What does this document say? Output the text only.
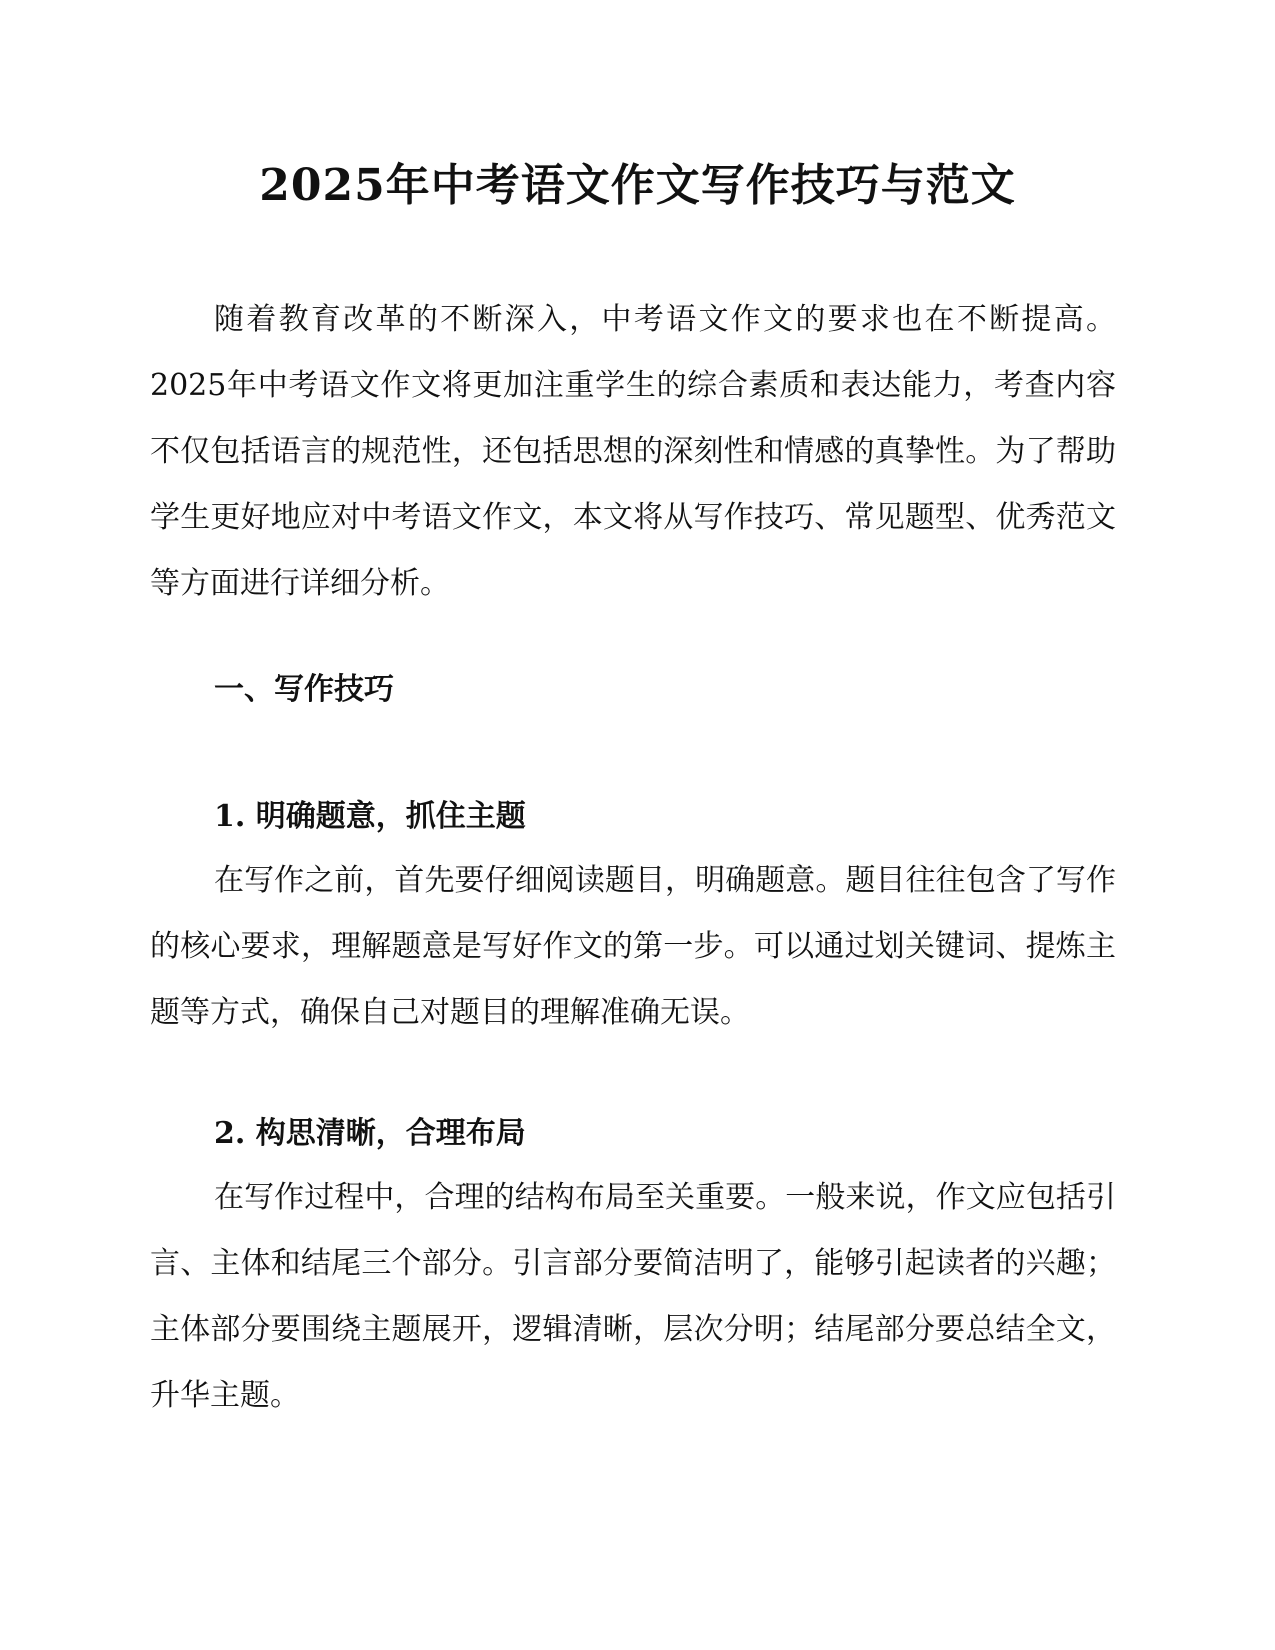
2025年中考语文作文写作技巧与范文

随着教育改革的不断深入，中考语文作文的要求也在不断提高。2025年中考语文作文将更加注重学生的综合素质和表达能力，考查内容不仅包括语言的规范性，还包括思想的深刻性和情感的真挚性。为了帮助学生更好地应对中考语文作文，本文将从写作技巧、常见题型、优秀范文等方面进行详细分析。

一、写作技巧
1. 明确题意，抓住主题

在写作之前，首先要仔细阅读题目，明确题意。题目往往包含了写作的核心要求，理解题意是写好作文的第一步。可以通过划关键词、提炼主题等方式，确保自己对题目的理解准确无误。

2. 构思清晰，合理布局

在写作过程中，合理的结构布局至关重要。一般来说，作文应包括引言、主体和结尾三个部分。引言部分要简洁明了，能够引起读者的兴趣；主体部分要围绕主题展开，逻辑清晰，层次分明；结尾部分要总结全文，升华主题。
